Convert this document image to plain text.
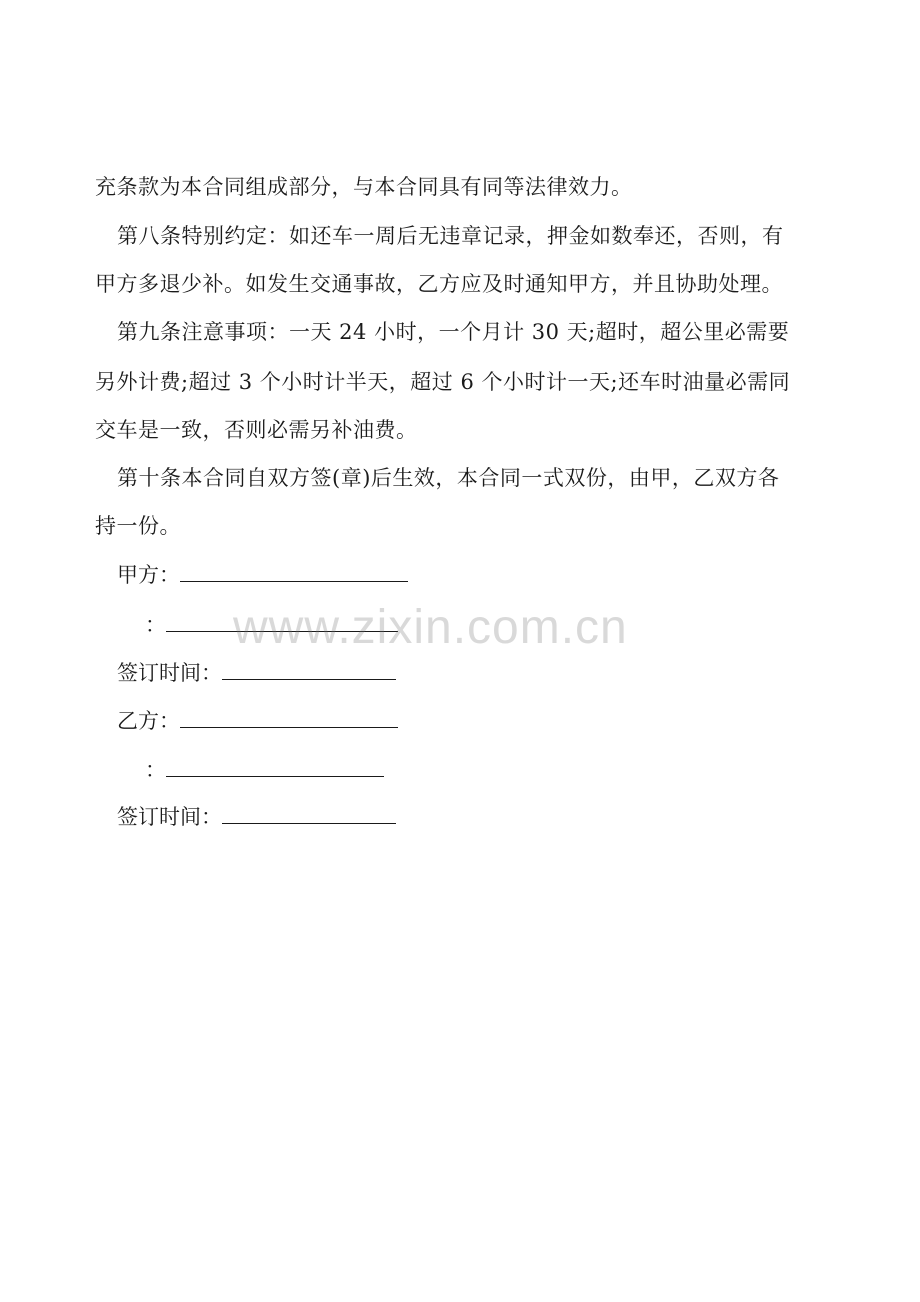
充条款为本合同组成部分，与本合同具有同等法律效力。
第八条特别约定：如还车一周后无违章记录，押金如数奉还，否则，有
甲方多退少补。如发生交通事故，乙方应及时通知甲方，并且协助处理。
第九条注意事项：一天 24 小时，一个月计 30 天;超时，超公里必需要
另外计费;超过 3 个小时计半天，超过 6 个小时计一天;还车时油量必需同
交车是一致，否则必需另补油费。
第十条本合同自双方签(章)后生效，本合同一式双份，由甲，乙双方各
持一份。
甲方：
：
签订时间：
乙方：
：
签订时间：
www.zixin.com.cn
